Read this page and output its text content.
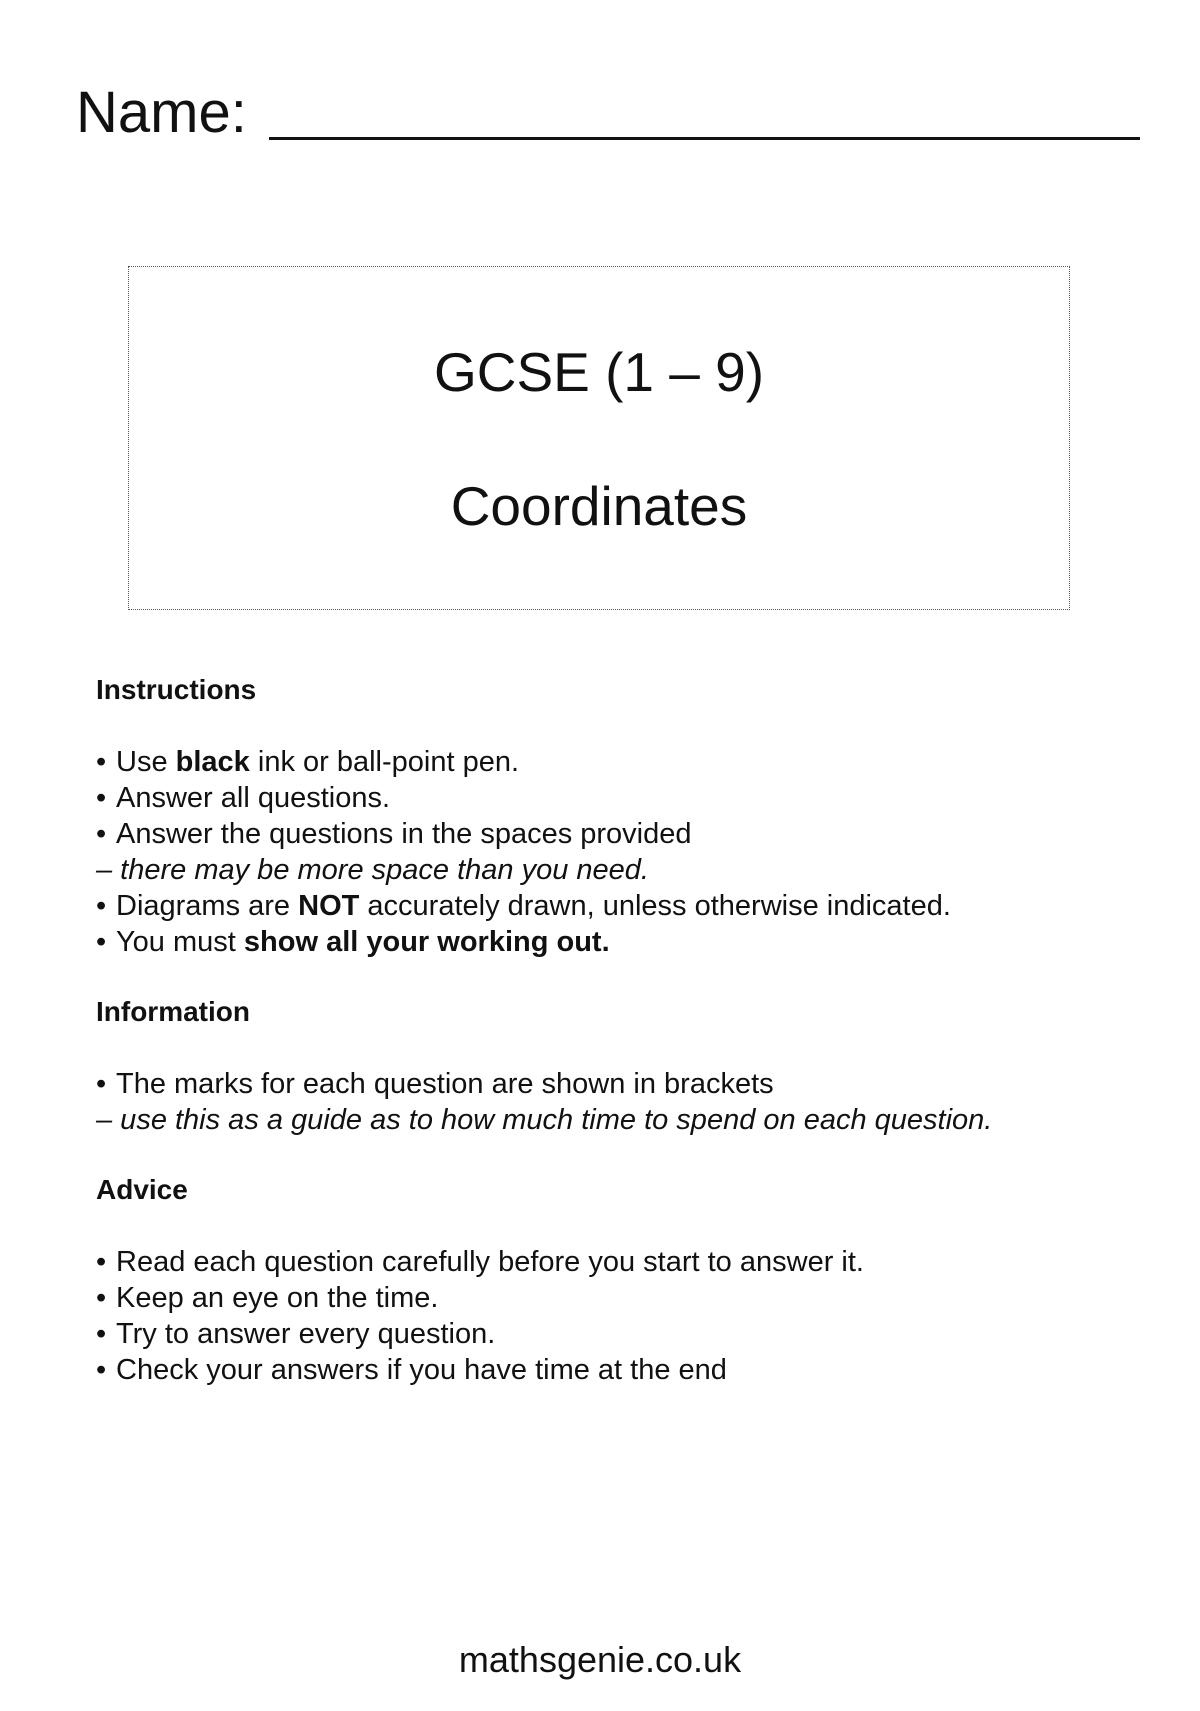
Name:
GCSE (1 – 9)
Coordinates
Instructions
• Use black ink or ball-point pen.
• Answer all questions.
• Answer the questions in the spaces provided
– there may be more space than you need.
• Diagrams are NOT accurately drawn, unless otherwise indicated.
• You must show all your working out.
Information
• The marks for each question are shown in brackets
– use this as a guide as to how much time to spend on each question.
Advice
• Read each question carefully before you start to answer it.
• Keep an eye on the time.
• Try to answer every question.
• Check your answers if you have time at the end
mathsgenie.co.uk
